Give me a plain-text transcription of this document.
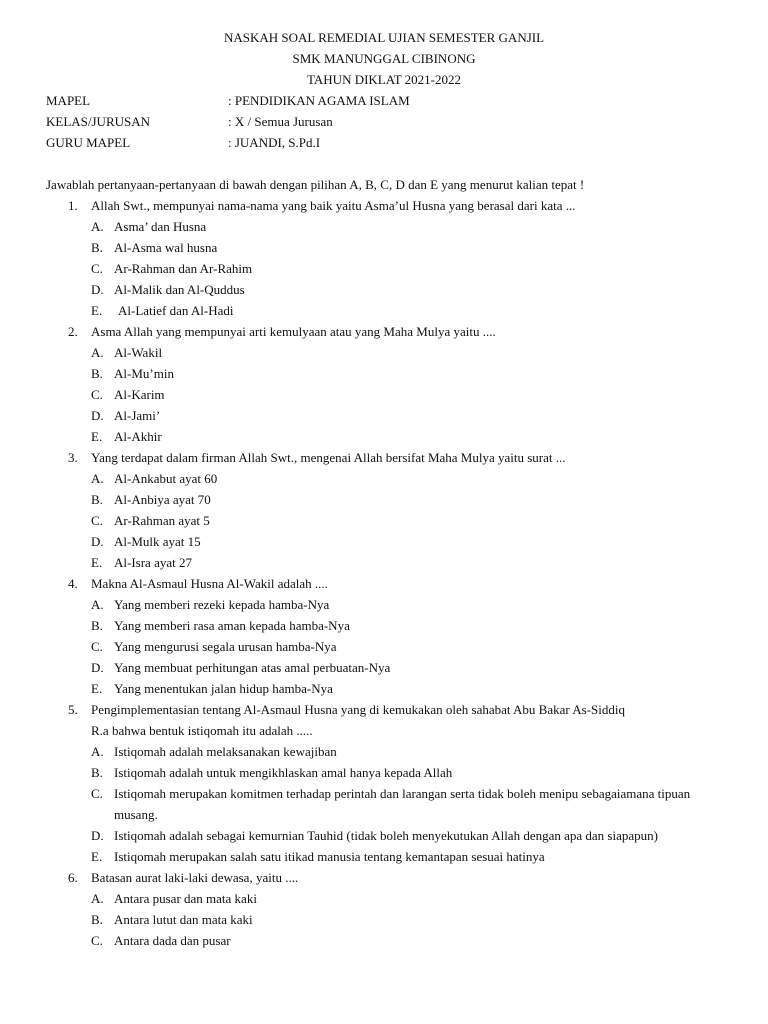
NASKAH SOAL REMEDIAL UJIAN SEMESTER GANJIL
SMK MANUNGGAL CIBINONG
TAHUN DIKLAT 2021-2022
MAPEL	: PENDIDIKAN AGAMA ISLAM
KELAS/JURUSAN	: X / Semua Jurusan
GURU MAPEL	: JUANDI, S.Pd.I
Jawablah pertanyaan-pertanyaan di bawah dengan pilihan A, B, C, D dan E yang menurut kalian tepat !
1. Allah Swt., mempunyai nama-nama yang baik yaitu Asma’ul Husna yang berasal dari kata ...
A. Asma’ dan Husna
B. Al-Asma wal husna
C. Ar-Rahman dan Ar-Rahim
D. Al-Malik dan Al-Quddus
E. Al-Latief dan Al-Hadi
2. Asma Allah yang mempunyai arti kemulyaan atau yang Maha Mulya yaitu ....
A. Al-Wakil
B. Al-Mu’min
C. Al-Karim
D. Al-Jami’
E. Al-Akhir
3. Yang terdapat dalam firman Allah Swt., mengenai Allah bersifat Maha Mulya yaitu surat ...
A. Al-Ankabut ayat 60
B. Al-Anbiya ayat 70
C. Ar-Rahman ayat 5
D. Al-Mulk ayat 15
E. Al-Isra ayat 27
4. Makna Al-Asmaul Husna Al-Wakil adalah ....
A. Yang memberi rezeki kepada hamba-Nya
B. Yang memberi rasa aman kepada hamba-Nya
C. Yang mengurusi segala urusan hamba-Nya
D. Yang membuat perhitungan atas amal perbuatan-Nya
E. Yang menentukan jalan hidup hamba-Nya
5. Pengimplementasian tentang Al-Asmaul Husna yang di kemukakan oleh sahabat Abu Bakar As-Siddiq
R.a bahwa bentuk istiqomah itu adalah .....
A. Istiqomah adalah melaksanakan kewajiban
B. Istiqomah adalah untuk mengikhlaskan amal hanya kepada Allah
C. Istiqomah merupakan komitmen terhadap perintah dan larangan serta tidak boleh menipu sebagaiamana tipuan musang.
D. Istiqomah adalah sebagai kemurnian Tauhid (tidak boleh menyekutukan Allah dengan apa dan siapapun)
E. Istiqomah merupakan salah satu itikad manusia tentang kemantapan sesuai hatinya
6. Batasan aurat laki-laki dewasa, yaitu ....
A. Antara pusar dan mata kaki
B. Antara lutut dan mata kaki
C. Antara dada dan pusar
